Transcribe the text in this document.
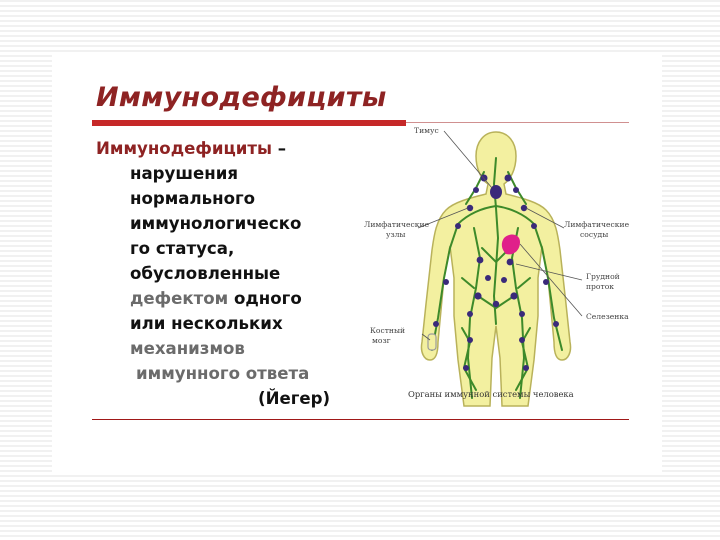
Иммунодефициты

Иммунодефициты –
нарушения
нормального
иммунологическо
го статуса,
обусловленные
дефектом одного
или нескольких
механизмов
иммунного ответа
(Йегер)

Тимус
Лимфатические
узлы
Лимфатические
сосуды
Грудной
проток
Селезенка
Костный
мозг
Органы иммунной системы человека
